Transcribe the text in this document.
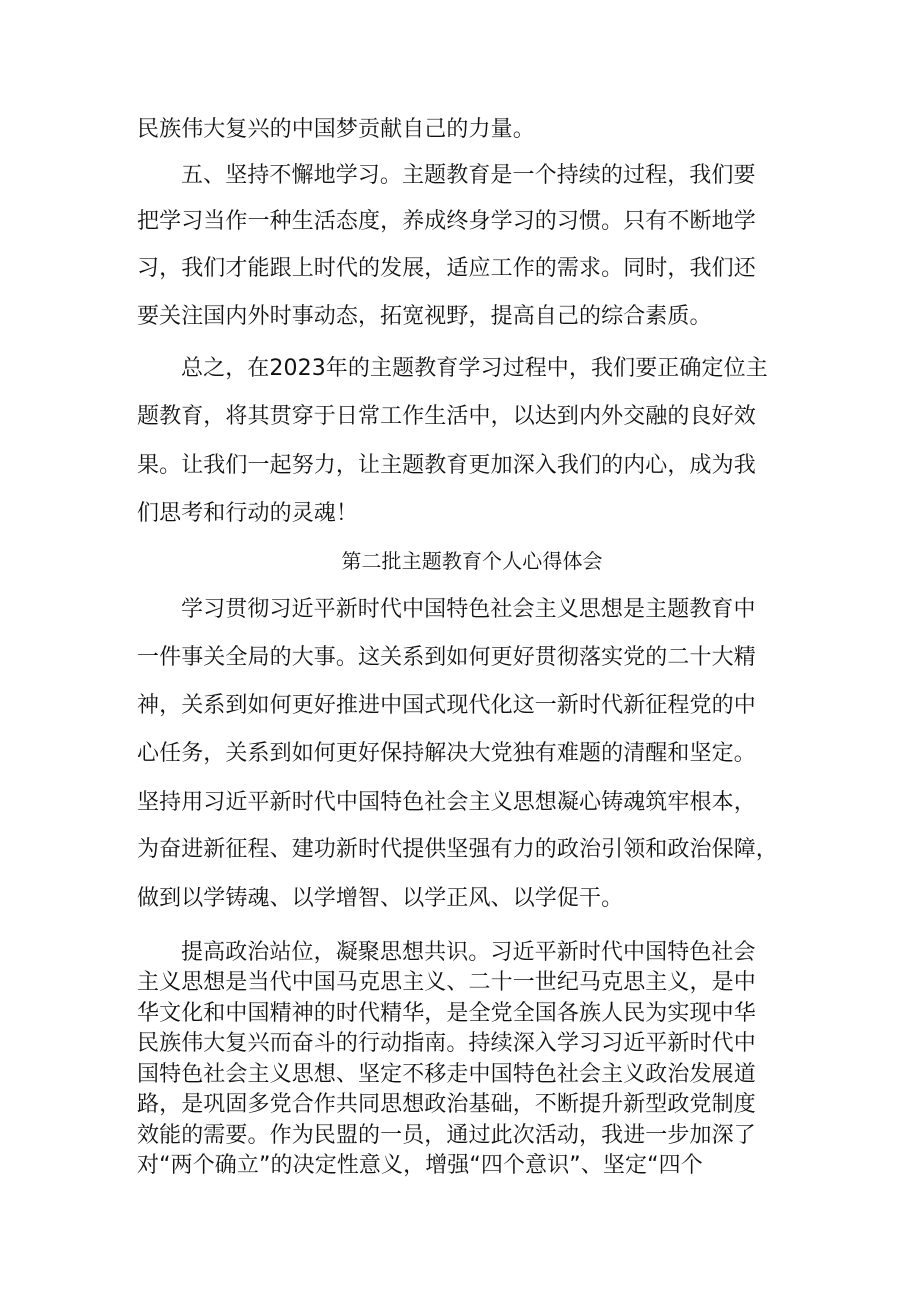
民族伟大复兴的中国梦贡献自己的力量。
五、坚持不懈地学习。主题教育是一个持续的过程，我们要
把学习当作一种生活态度，养成终身学习的习惯。只有不断地学
习，我们才能跟上时代的发展，适应工作的需求。同时，我们还
要关注国内外时事动态，拓宽视野，提高自己的综合素质。
总之，在2023年的主题教育学习过程中，我们要正确定位主
题教育，将其贯穿于日常工作生活中，以达到内外交融的良好效
果。让我们一起努力，让主题教育更加深入我们的内心，成为我
们思考和行动的灵魂！
第二批主题教育个人心得体会
学习贯彻习近平新时代中国特色社会主义思想是主题教育中
一件事关全局的大事。这关系到如何更好贯彻落实党的二十大精
神，关系到如何更好推进中国式现代化这一新时代新征程党的中
心任务，关系到如何更好保持解决大党独有难题的清醒和坚定。
坚持用习近平新时代中国特色社会主义思想凝心铸魂筑牢根本，
为奋进新征程、建功新时代提供坚强有力的政治引领和政治保障，
做到以学铸魂、以学增智、以学正风、以学促干。
提高政治站位，凝聚思想共识。习近平新时代中国特色社会
主义思想是当代中国马克思主义、二十一世纪马克思主义，是中
华文化和中国精神的时代精华，是全党全国各族人民为实现中华
民族伟大复兴而奋斗的行动指南。持续深入学习习近平新时代中
国特色社会主义思想、坚定不移走中国特色社会主义政治发展道
路，是巩固多党合作共同思想政治基础，不断提升新型政党制度
效能的需要。作为民盟的一员，通过此次活动，我进一步加深了
对“两个确立”的决定性意义，增强“四个意识”、坚定“四个
